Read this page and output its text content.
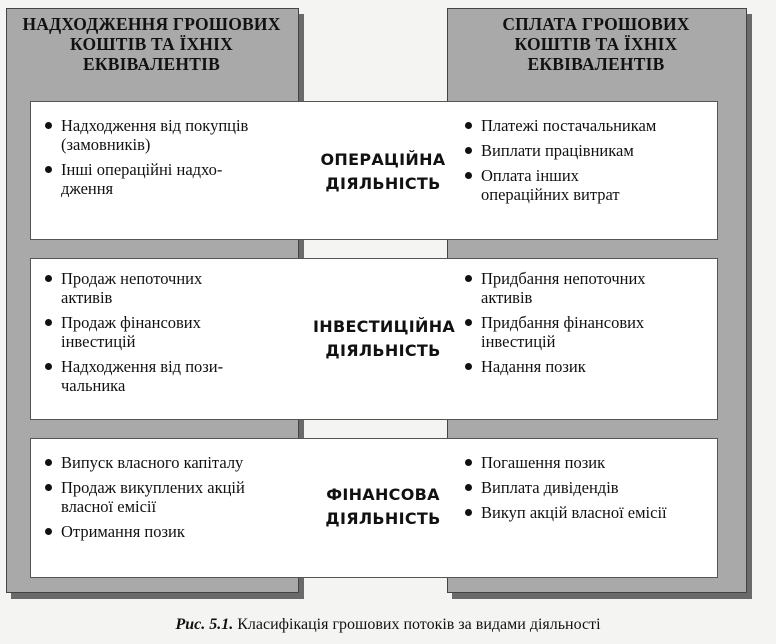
НАДХОДЖЕННЯ ГРОШОВИХ
КОШТІВ ТА ЇХНІХ
ЕКВІВАЛЕНТІВ
СПЛАТА ГРОШОВИХ
КОШТІВ ТА ЇХНІХ
ЕКВІВАЛЕНТІВ
Надходження від покупців
(замовників)
Інші операційні надхо-
дження
ОПЕРАЦІЙНА
ДІЯЛЬНІСТЬ
Платежі постачальникам
Виплати працівникам
Оплата інших
операційних витрат
Продаж непоточних
активів
Продаж фінансових
інвестицій
Надходження від пози-
чальника
ІНВЕСТИЦІЙНА
ДІЯЛЬНІСТЬ
Придбання непоточних
активів
Придбання фінансових
інвестицій
Надання позик
Випуск власного капіталу
Продаж викуплених акцій
власної емісії
Отримання позик
ФІНАНСОВА
ДІЯЛЬНІСТЬ
Погашення позик
Виплата дивідендів
Викуп акцій власної емісії
Рис. 5.1. Класифікація грошових потоків за видами діяльності
